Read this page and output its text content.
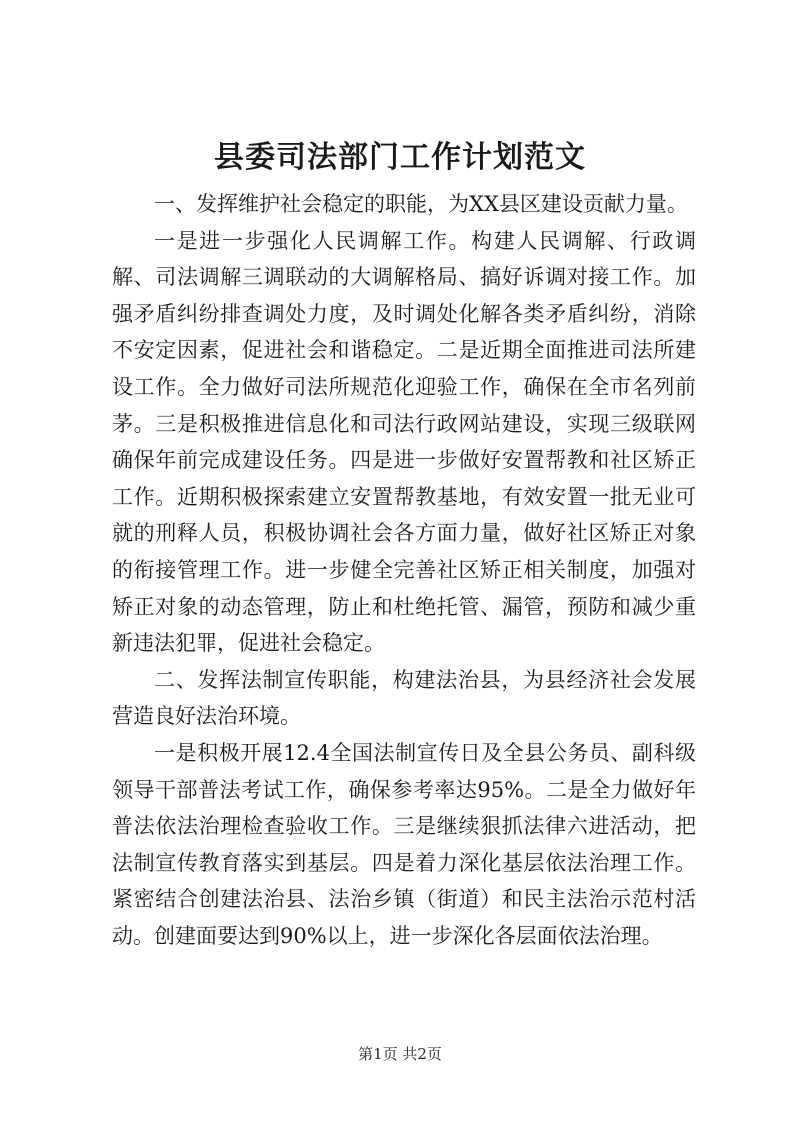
县委司法部门工作计划范文

一、发挥维护社会稳定的职能，为XX县区建设贡献力量。

一是进一步强化人民调解工作。构建人民调解、行政调解、司法调解三调联动的大调解格局、搞好诉调对接工作。加强矛盾纠纷排查调处力度，及时调处化解各类矛盾纠纷，消除不安定因素，促进社会和谐稳定。二是近期全面推进司法所建设工作。全力做好司法所规范化迎验工作，确保在全市名列前茅。三是积极推进信息化和司法行政网站建设，实现三级联网确保年前完成建设任务。四是进一步做好安置帮教和社区矫正工作。近期积极探索建立安置帮教基地，有效安置一批无业可就的刑释人员，积极协调社会各方面力量，做好社区矫正对象的衔接管理工作。进一步健全完善社区矫正相关制度，加强对矫正对象的动态管理，防止和杜绝托管、漏管，预防和减少重新违法犯罪，促进社会稳定。

二、发挥法制宣传职能，构建法治县，为县经济社会发展营造良好法治环境。

一是积极开展12.4全国法制宣传日及全县公务员、副科级领导干部普法考试工作，确保参考率达95%。二是全力做好年普法依法治理检查验收工作。三是继续狠抓法律六进活动，把法制宣传教育落实到基层。四是着力深化基层依法治理工作。紧密结合创建法治县、法治乡镇（街道）和民主法治示范村活动。创建面要达到90%以上，进一步深化各层面依法治理。

第1页 共2页
